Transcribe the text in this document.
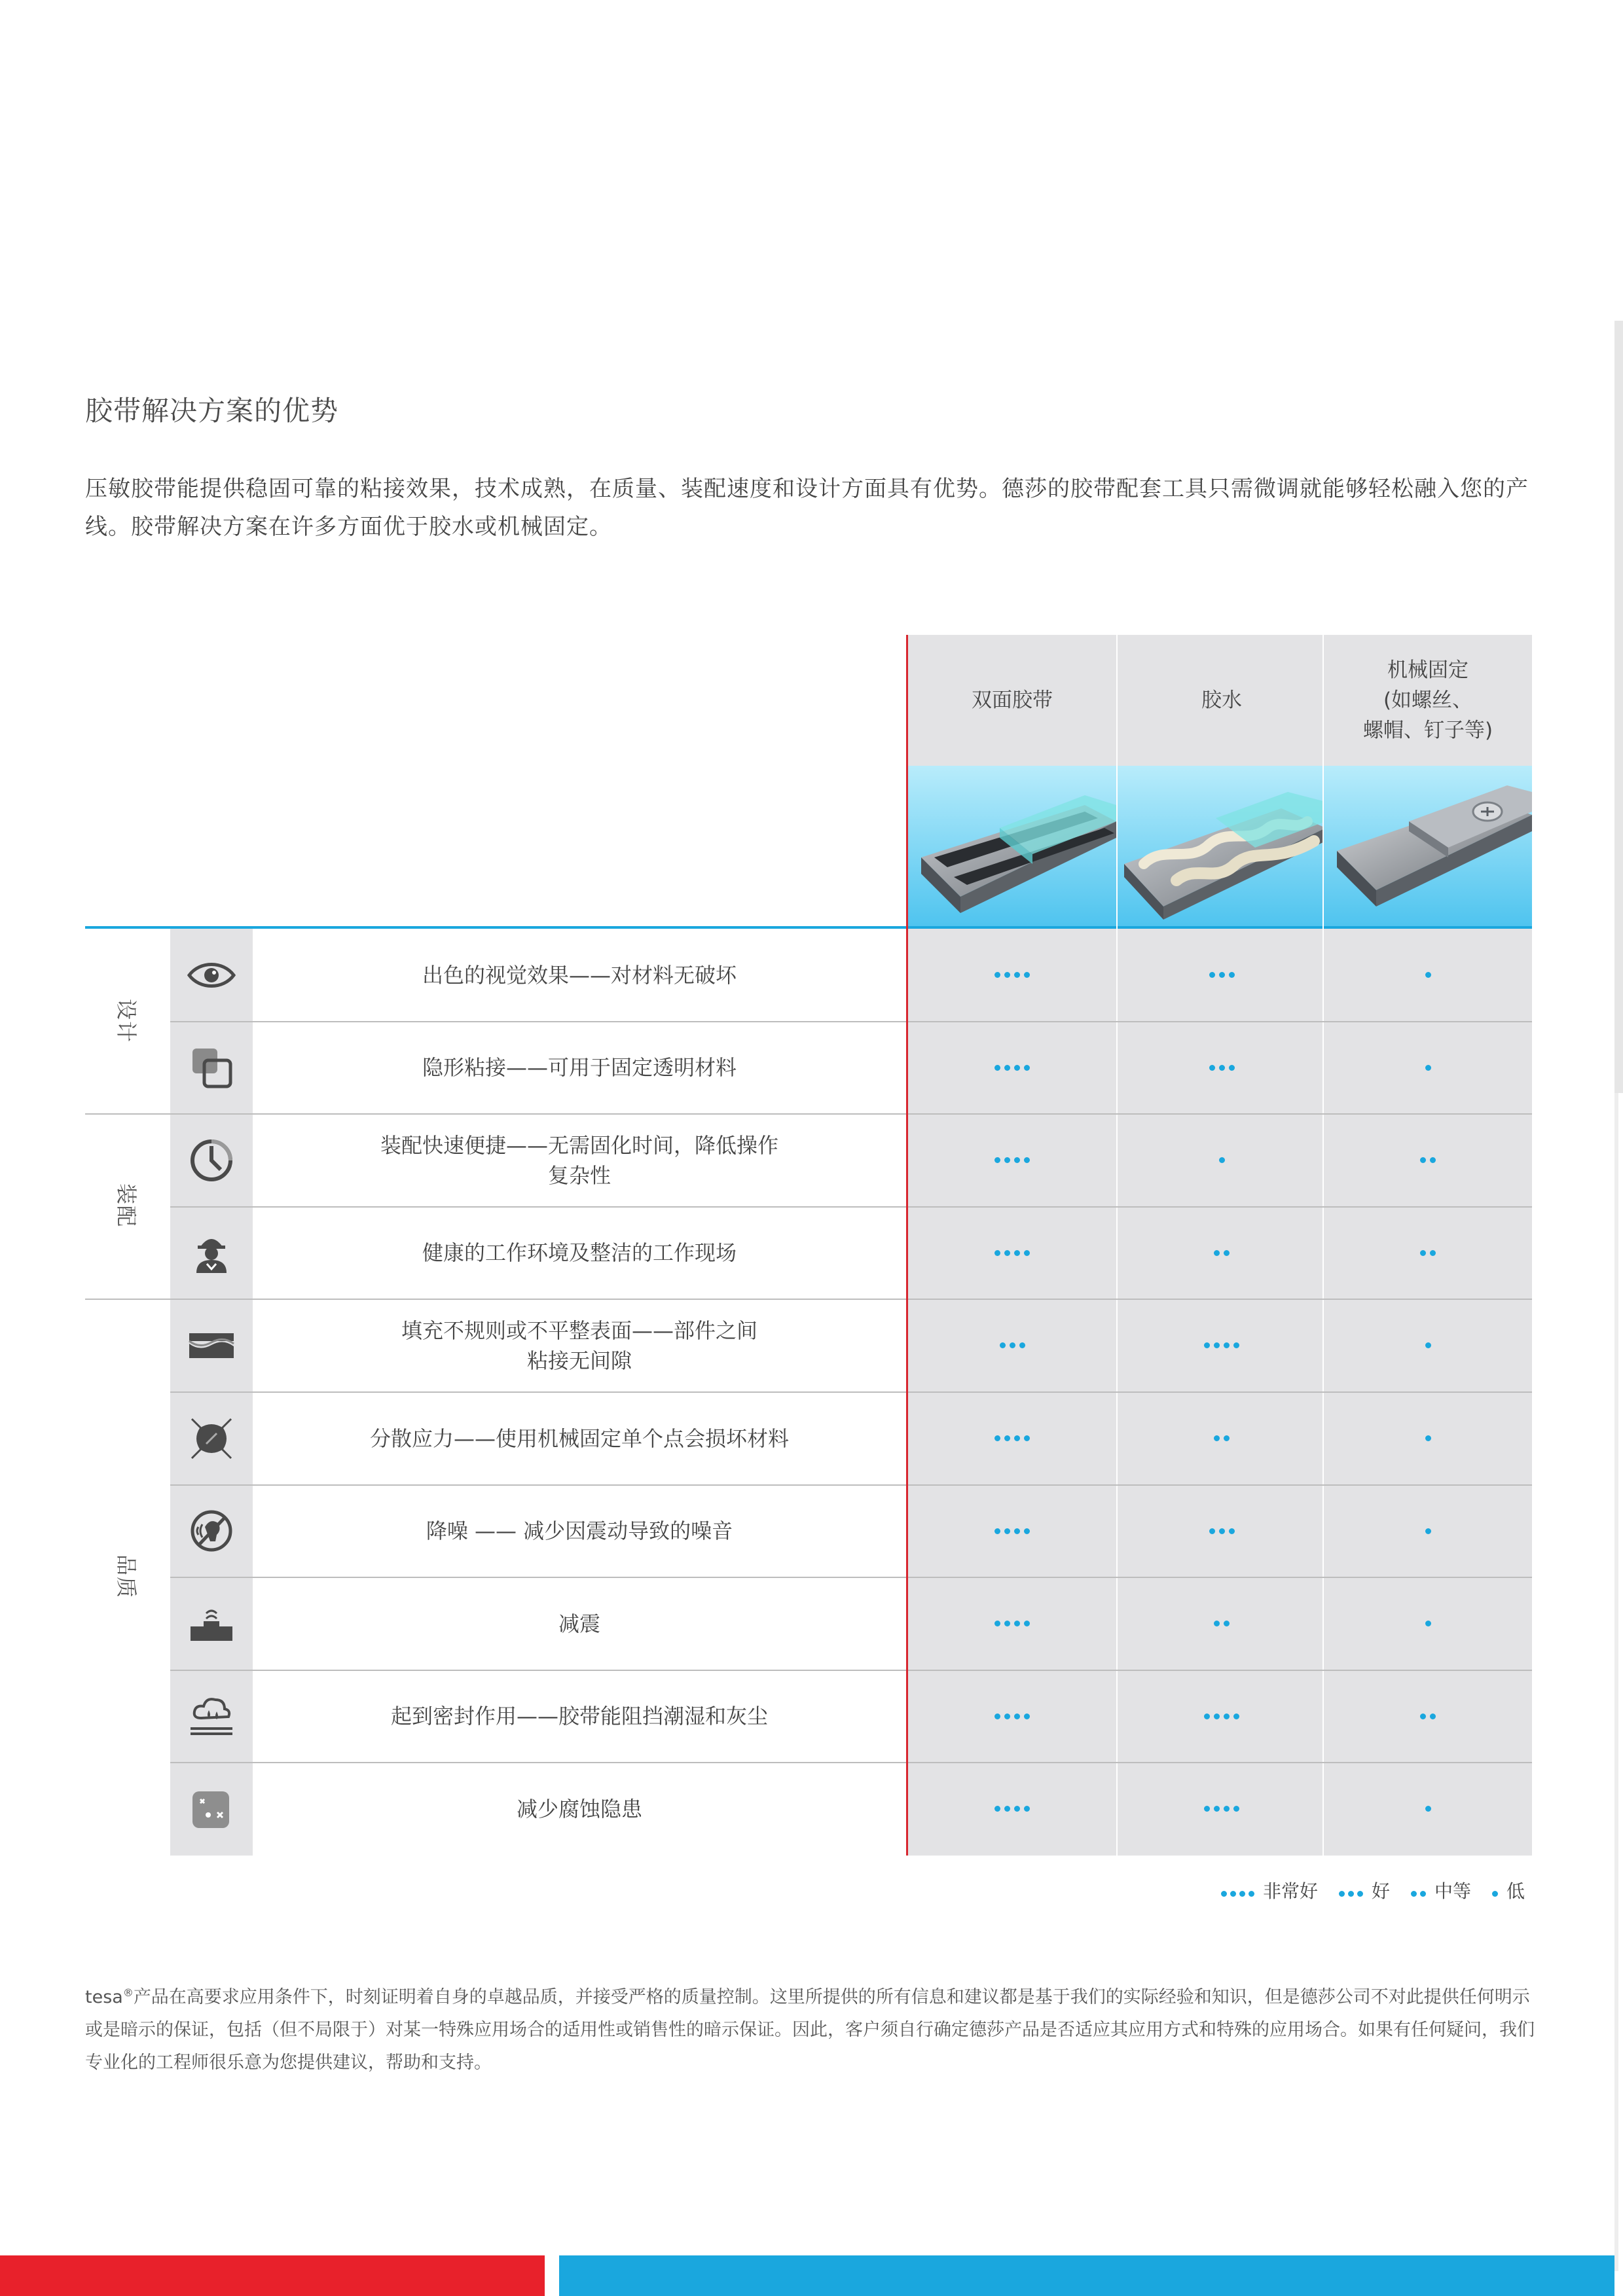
胶带解决方案的优势
压敏胶带能提供稳固可靠的粘接效果，技术成熟，在质量、装配速度和设计方面具有优势。德莎的胶带配套工具只需微调就能够轻松融入您的产线。胶带解决方案在许多方面优于胶水或机械固定。
双面胶带	胶水
机械固定
(如螺丝、
螺帽、钉子等)
设计
装配
品质
出色的视觉效果——对材料无破坏
隐形粘接——可用于固定透明材料
装配快速便捷——无需固化时间，降低操作
复杂性
健康的工作环境及整洁的工作现场
填充不规则或不平整表面——部件之间
粘接无间隙
分散应力——使用机械固定单个点会损坏材料
降噪 —— 减少因震动导致的噪音
减震
起到密封作用——胶带能阻挡潮湿和灰尘
减少腐蚀隐患
非常好	好 中等 低
tesa®产品在高要求应用条件下，时刻证明着自身的卓越品质，并接受严格的质量控制。这里所提供的所有信息和建议都是基于我们的实际经验和知识，但是德莎公司不对此提供任何明示或是暗示的保证，包括（但不局限于）对某一特殊应用场合的适用性或销售性的暗示保证。因此，客户须自行确定德莎产品是否适应其应用方式和特殊的应用场合。如果有任何疑问，我们专业化的工程师很乐意为您提供建议，帮助和支持。
